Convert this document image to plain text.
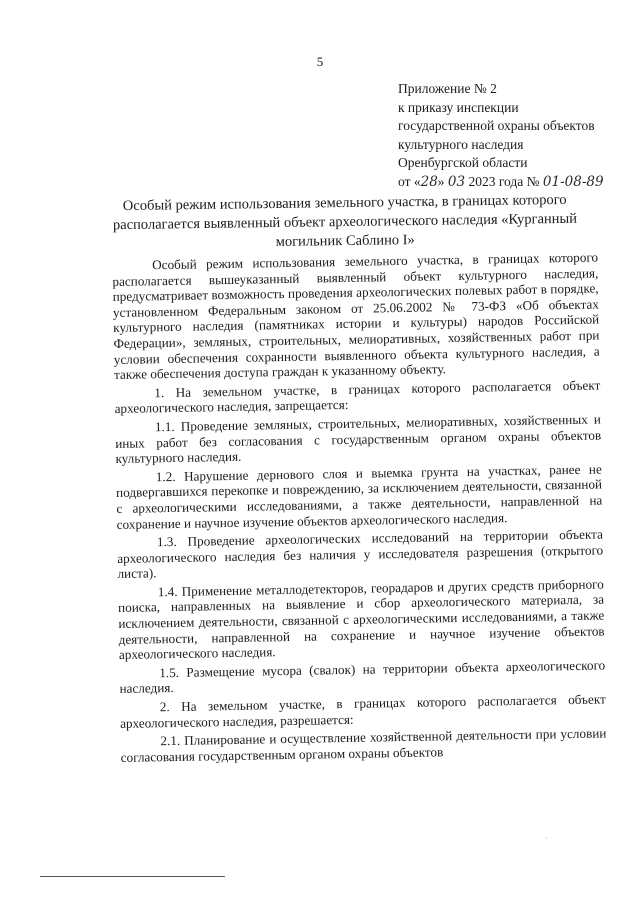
5
Приложение № 2
к приказу инспекции
государственной охраны объектов
культурного наследия
Оренбургской области
от «28» 03 2023 года № 01-08-89
Особый режим использования земельного участка, в границах которого располагается выявленный объект археологического наследия «Курганный могильник Саблино I»

Особый режим использования земельного участка, в границах которого располагается вышеуказанный выявленный объект культурного наследия, предусматривает возможность проведения археологических полевых работ в порядке, установленном Федеральным законом от 25.06.2002 № 73-ФЗ «Об объектах культурного наследия (памятниках истории и культуры) народов Российской Федерации», земляных, строительных, мелиоративных, хозяйственных работ при условии обеспечения сохранности выявленного объекта культурного наследия, а также обеспечения доступа граждан к указанному объекту.

1. На земельном участке, в границах которого располагается объект археологического наследия, запрещается:

1.1. Проведение земляных, строительных, мелиоративных, хозяйственных и иных работ без согласования с государственным органом охраны объектов культурного наследия.

1.2. Нарушение дернового слоя и выемка грунта на участках, ранее не подвергавшихся перекопке и повреждению, за исключением деятельности, связанной с археологическими исследованиями, а также деятельности, направленной на сохранение и научное изучение объектов археологического наследия.

1.3. Проведение археологических исследований на территории объекта археологического наследия без наличия у исследователя разрешения (открытого листа).

1.4. Применение металлодетекторов, георадаров и других средств приборного поиска, направленных на выявление и сбор археологического материала, за исключением деятельности, связанной с археологическими исследованиями, а также деятельности, направленной на сохранение и научное изучение объектов археологического наследия.

1.5. Размещение мусора (свалок) на территории объекта археологического наследия.

2. На земельном участке, в границах которого располагается объект археологического наследия, разрешается:

2.1. Планирование и осуществление хозяйственной деятельности при условии согласования государственным органом охраны объектов

·
